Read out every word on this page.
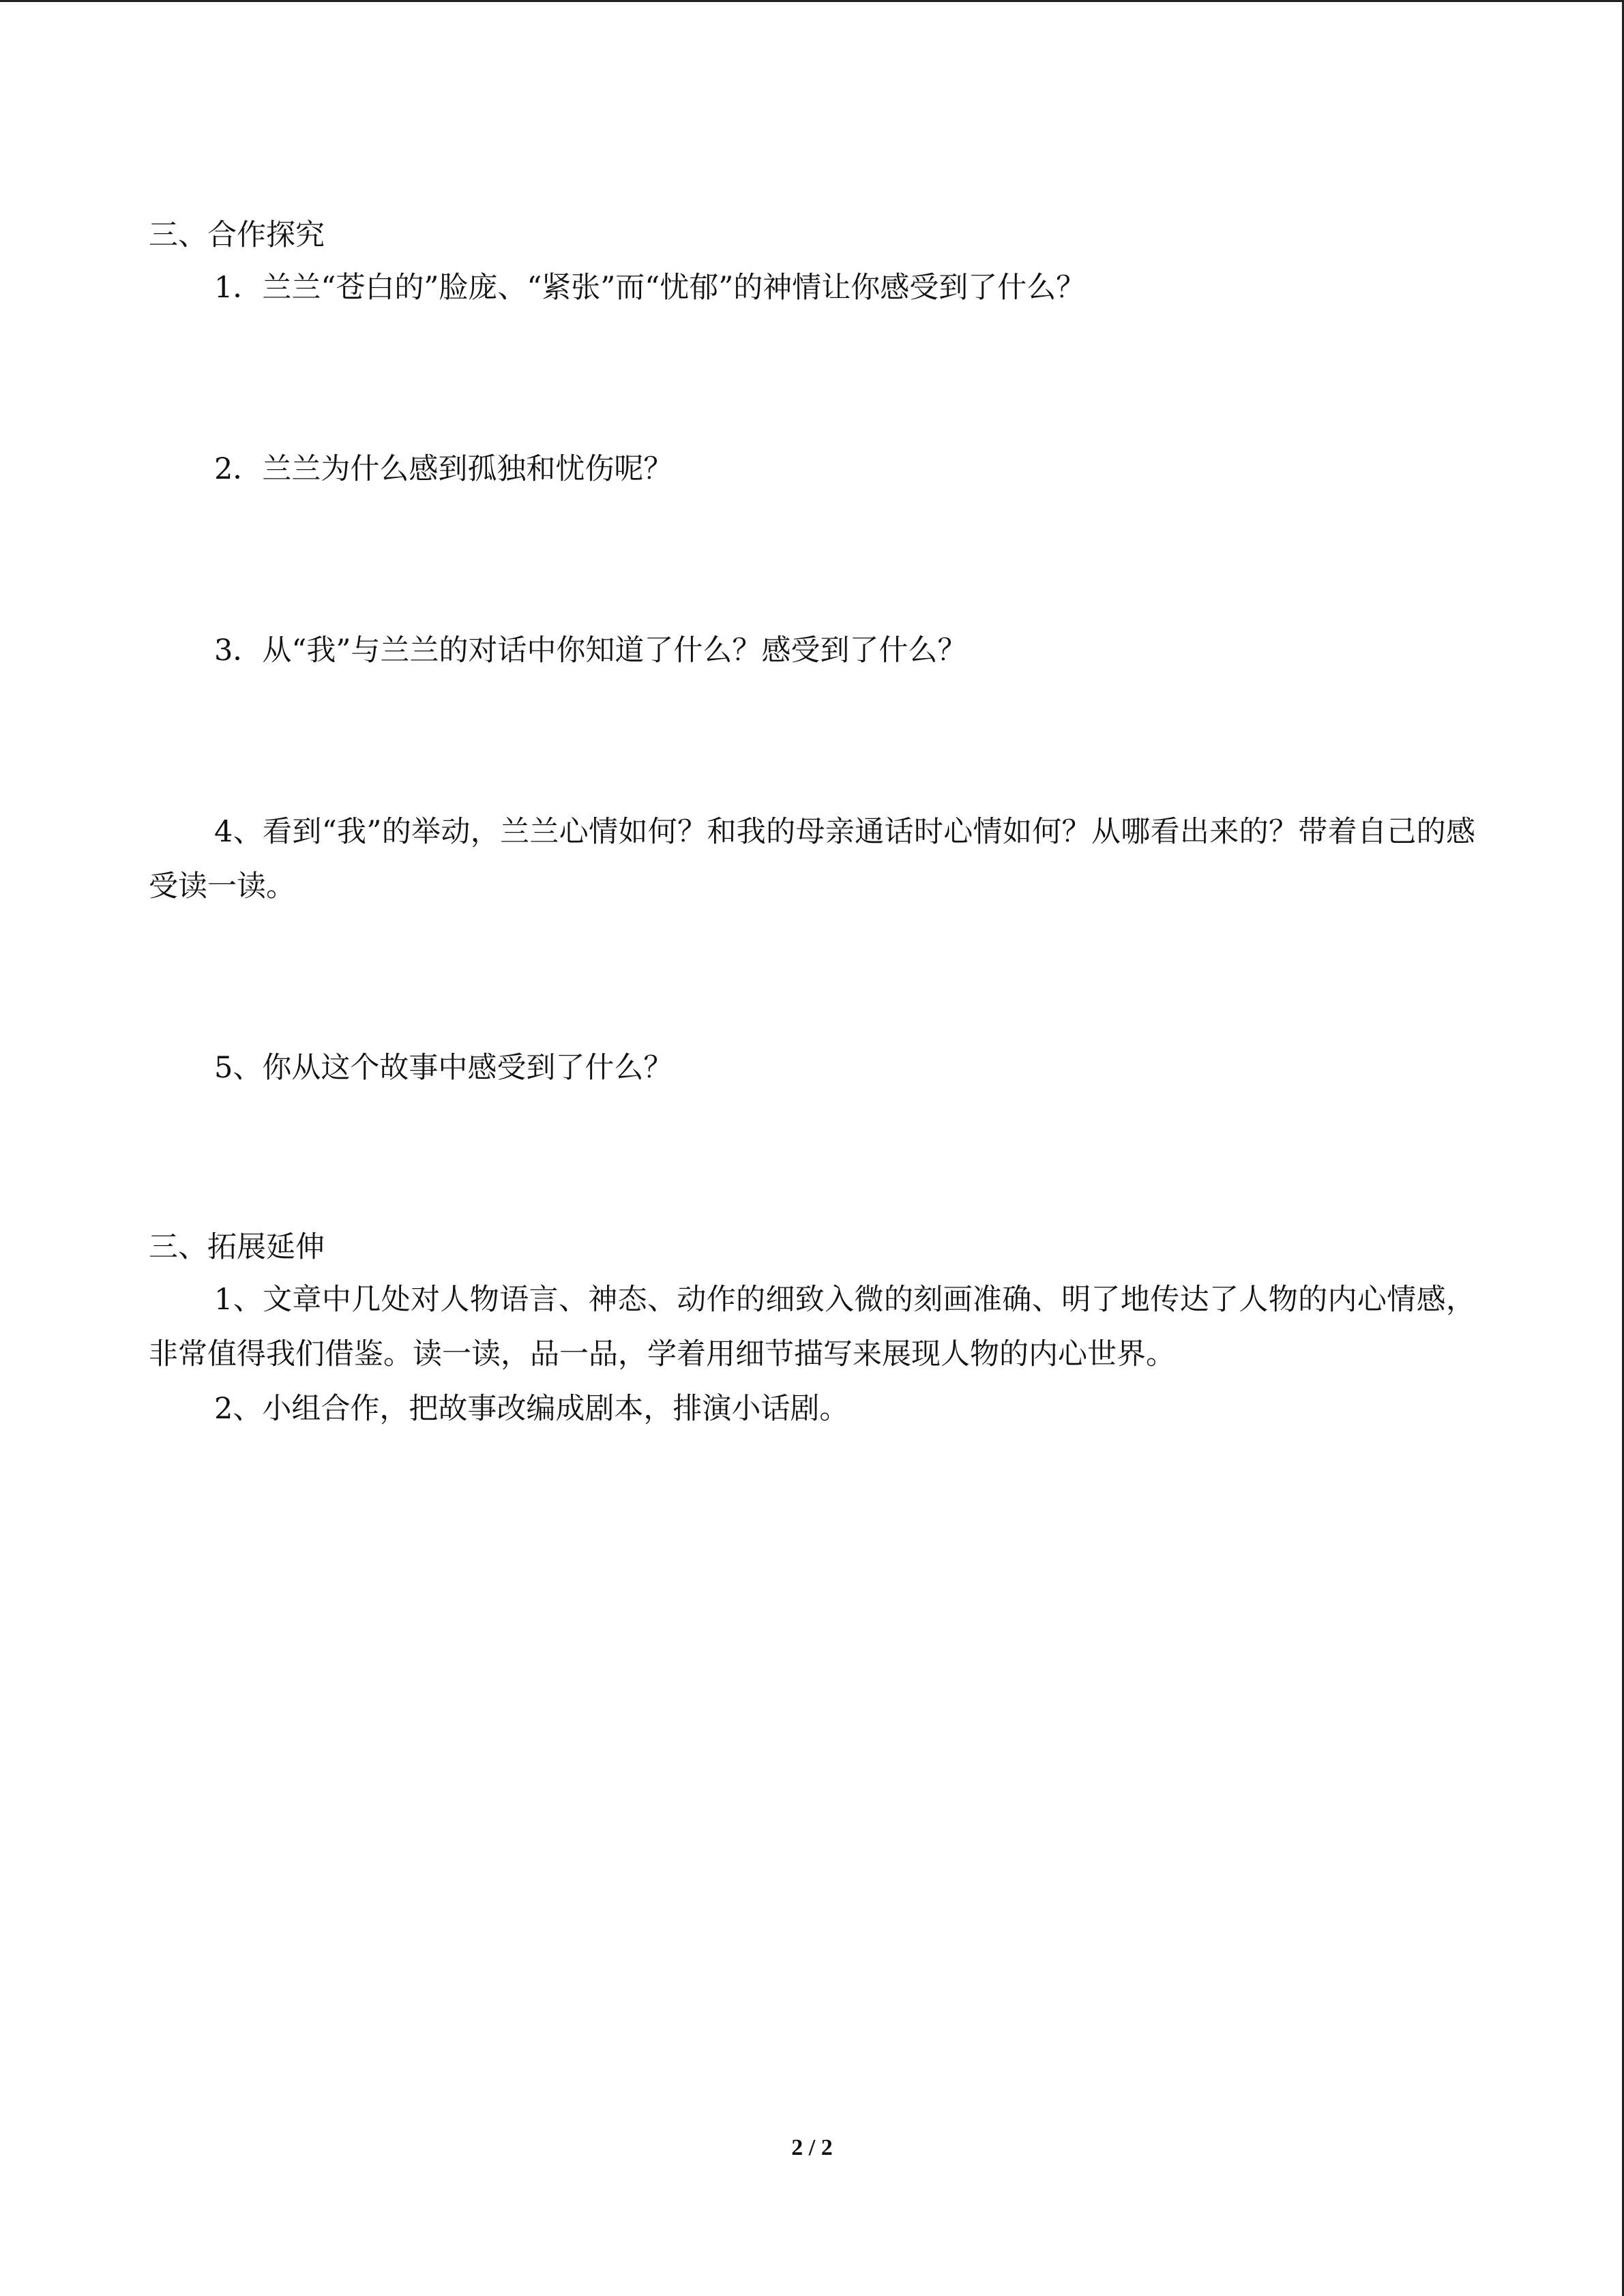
三、合作探究

1．兰兰“苍白的”脸庞、“紧张”而“忧郁”的神情让你感受到了什么？

2．兰兰为什么感到孤独和忧伤呢？

3．从“我”与兰兰的对话中你知道了什么？感受到了什么？

4、看到“我”的举动，兰兰心情如何？和我的母亲通话时心情如何？从哪看出来的？带着自己的感受读一读。

5、你从这个故事中感受到了什么？

三、拓展延伸

1、文章中几处对人物语言、神态、动作的细致入微的刻画准确、明了地传达了人物的内心情感，非常值得我们借鉴。读一读，品一品，学着用细节描写来展现人物的内心世界。

2、小组合作，把故事改编成剧本，排演小话剧。

2 / 2
